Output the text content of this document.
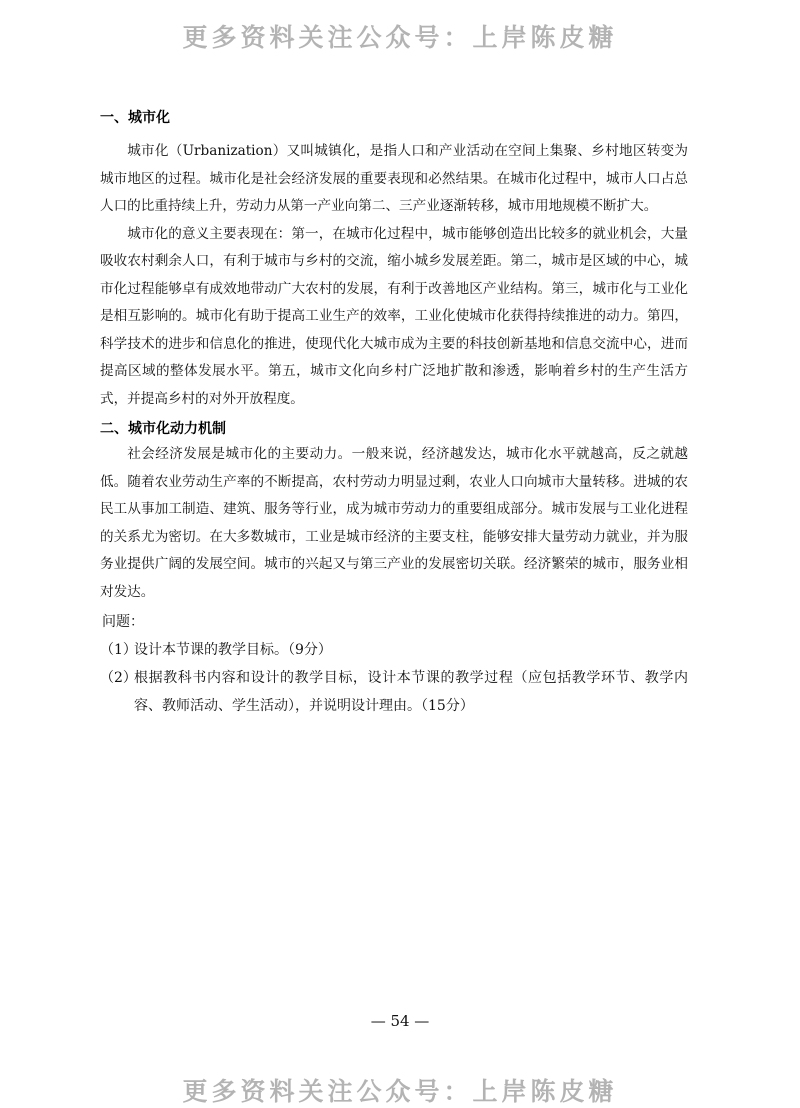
更多资料关注公众号：上岸陈皮糖
一、城市化

城市化（Urbanization）又叫城镇化，是指人口和产业活动在空间上集聚、乡村地区转变为城市地区的过程。城市化是社会经济发展的重要表现和必然结果。在城市化过程中，城市人口占总人口的比重持续上升，劳动力从第一产业向第二、三产业逐渐转移，城市用地规模不断扩大。

城市化的意义主要表现在：第一，在城市化过程中，城市能够创造出比较多的就业机会，大量吸收农村剩余人口，有利于城市与乡村的交流，缩小城乡发展差距。第二，城市是区域的中心，城市化过程能够卓有成效地带动广大农村的发展，有利于改善地区产业结构。第三，城市化与工业化是相互影响的。城市化有助于提高工业生产的效率，工业化使城市化获得持续推进的动力。第四，科学技术的进步和信息化的推进，使现代化大城市成为主要的科技创新基地和信息交流中心，进而提高区域的整体发展水平。第五，城市文化向乡村广泛地扩散和渗透，影响着乡村的生产生活方式，并提高乡村的对外开放程度。

二、城市化动力机制

社会经济发展是城市化的主要动力。一般来说，经济越发达，城市化水平就越高，反之就越低。随着农业劳动生产率的不断提高，农村劳动力明显过剩，农业人口向城市大量转移。进城的农民工从事加工制造、建筑、服务等行业，成为城市劳动力的重要组成部分。城市发展与工业化进程的关系尤为密切。在大多数城市，工业是城市经济的主要支柱，能够安排大量劳动力就业，并为服务业提供广阔的发展空间。城市的兴起又与第三产业的发展密切关联。经济繁荣的城市，服务业相对发达。

问题：
（1）
设计本节课的教学目标。（9分）
（2）
根据教科书内容和设计的教学目标，设计本节课的教学过程（应包括教学环节、教学内容、教师活动、学生活动），并说明设计理由。（15分）
— 54 —
更多资料关注公众号：上岸陈皮糖
